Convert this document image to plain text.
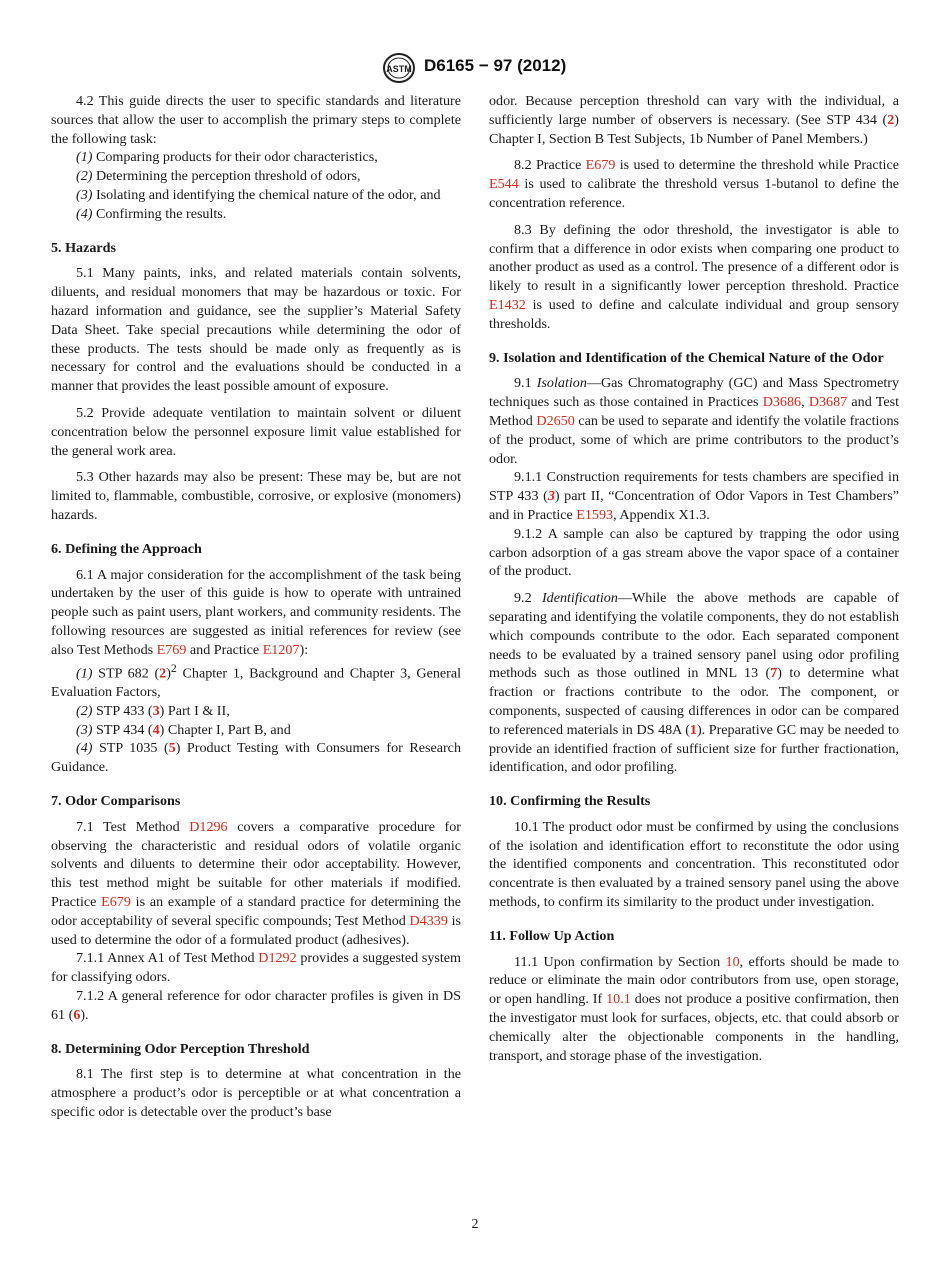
ASTM D6165 − 97 (2012)

4.2 This guide directs the user to specific standards and literature sources that allow the user to accomplish the primary steps to complete the following task:

(1) Comparing products for their odor characteristics,

(2) Determining the perception threshold of odors,

(3) Isolating and identifying the chemical nature of the odor, and

(4) Confirming the results.

5. Hazards

5.1 Many paints, inks, and related materials contain solvents, diluents, and residual monomers that may be hazardous or toxic. For hazard information and guidance, see the supplier’s Material Safety Data Sheet. Take special precautions while determining the odor of these products. The tests should be made only as frequently as is necessary for control and the evaluations should be conducted in a manner that provides the least possible amount of exposure.

5.2 Provide adequate ventilation to maintain solvent or diluent concentration below the personnel exposure limit value established for the general work area.

5.3 Other hazards may also be present: These may be, but are not limited to, flammable, combustible, corrosive, or explosive (monomers) hazards.

6. Defining the Approach

6.1 A major consideration for the accomplishment of the task being undertaken by the user of this guide is how to operate with untrained people such as paint users, plant workers, and community residents. The following resources are suggested as initial references for review (see also Test Methods E769 and Practice E1207):

(1) STP 682 $(2)^2$ Chapter 1, Background and Chapter 3, General Evaluation Factors,

(2) STP 433 (3) Part I & II,

(3) STP 434 (4) Chapter I, Part B, and

(4) STP 1035 (5) Product Testing with Consumers for Research Guidance.

7. Odor Comparisons

7.1 Test Method D1296 covers a comparative procedure for observing the characteristic and residual odors of volatile organic solvents and diluents to determine their odor acceptability. However, this test method might be suitable for other materials if modified. Practice E679 is an example of a standard practice for determining the odor acceptability of several specific compounds; Test Method D4339 is used to determine the odor of a formulated product (adhesives).

7.1.1 Annex A1 of Test Method D1292 provides a suggested system for classifying odors.

7.1.2 A general reference for odor character profiles is given in DS 61 (6).

8. Determining Odor Perception Threshold

8.1 The first step is to determine at what concentration in the atmosphere a product’s odor is perceptible or at what concentration a specific odor is detectable over the product’s base

odor. Because perception threshold can vary with the individual, a sufficiently large number of observers is necessary. (See STP 434 (2) Chapter I, Section B Test Subjects, 1b Number of Panel Members.)

8.2 Practice E679 is used to determine the threshold while Practice E544 is used to calibrate the threshold versus 1-butanol to define the concentration reference.

8.3 By defining the odor threshold, the investigator is able to confirm that a difference in odor exists when comparing one product to another product as used as a control. The presence of a different odor is likely to result in a significantly lower perception threshold. Practice E1432 is used to define and calculate individual and group sensory thresholds.

9. Isolation and Identification of the Chemical Nature of the Odor

9.1 Isolation—Gas Chromatography (GC) and Mass Spectrometry techniques such as those contained in Practices D3686, D3687 and Test Method D2650 can be used to separate and identify the volatile fractions of the product, some of which are prime contributors to the product’s odor.

9.1.1 Construction requirements for tests chambers are specified in STP 433 (3) part II, “Concentration of Odor Vapors in Test Chambers” and in Practice E1593, Appendix X1.3.

9.1.2 A sample can also be captured by trapping the odor using carbon adsorption of a gas stream above the vapor space of a container of the product.

9.2 Identification—While the above methods are capable of separating and identifying the volatile components, they do not establish which compounds contribute to the odor. Each separated component needs to be evaluated by a trained sensory panel using odor profiling methods such as those outlined in MNL 13 (7) to determine what fraction or fractions contribute to the odor. The component, or components, suspected of causing differences in odor can be compared to referenced materials in DS 48A (1). Preparative GC may be needed to provide an identified fraction of sufficient size for further fractionation, identification, and odor profiling.

10. Confirming the Results

10.1 The product odor must be confirmed by using the conclusions of the isolation and identification effort to reconstitute the odor using the identified components and concentration. This reconstituted odor concentrate is then evaluated by a trained sensory panel using the above methods, to confirm its similarity to the product under investigation.

11. Follow Up Action

11.1 Upon confirmation by Section 10, efforts should be made to reduce or eliminate the main odor contributors from use, open storage, or open handling. If 10.1 does not produce a positive confirmation, then the investigator must look for surfaces, objects, etc. that could absorb or chemically alter the objectionable components in the handling, transport, and storage phase of the investigation.

2
